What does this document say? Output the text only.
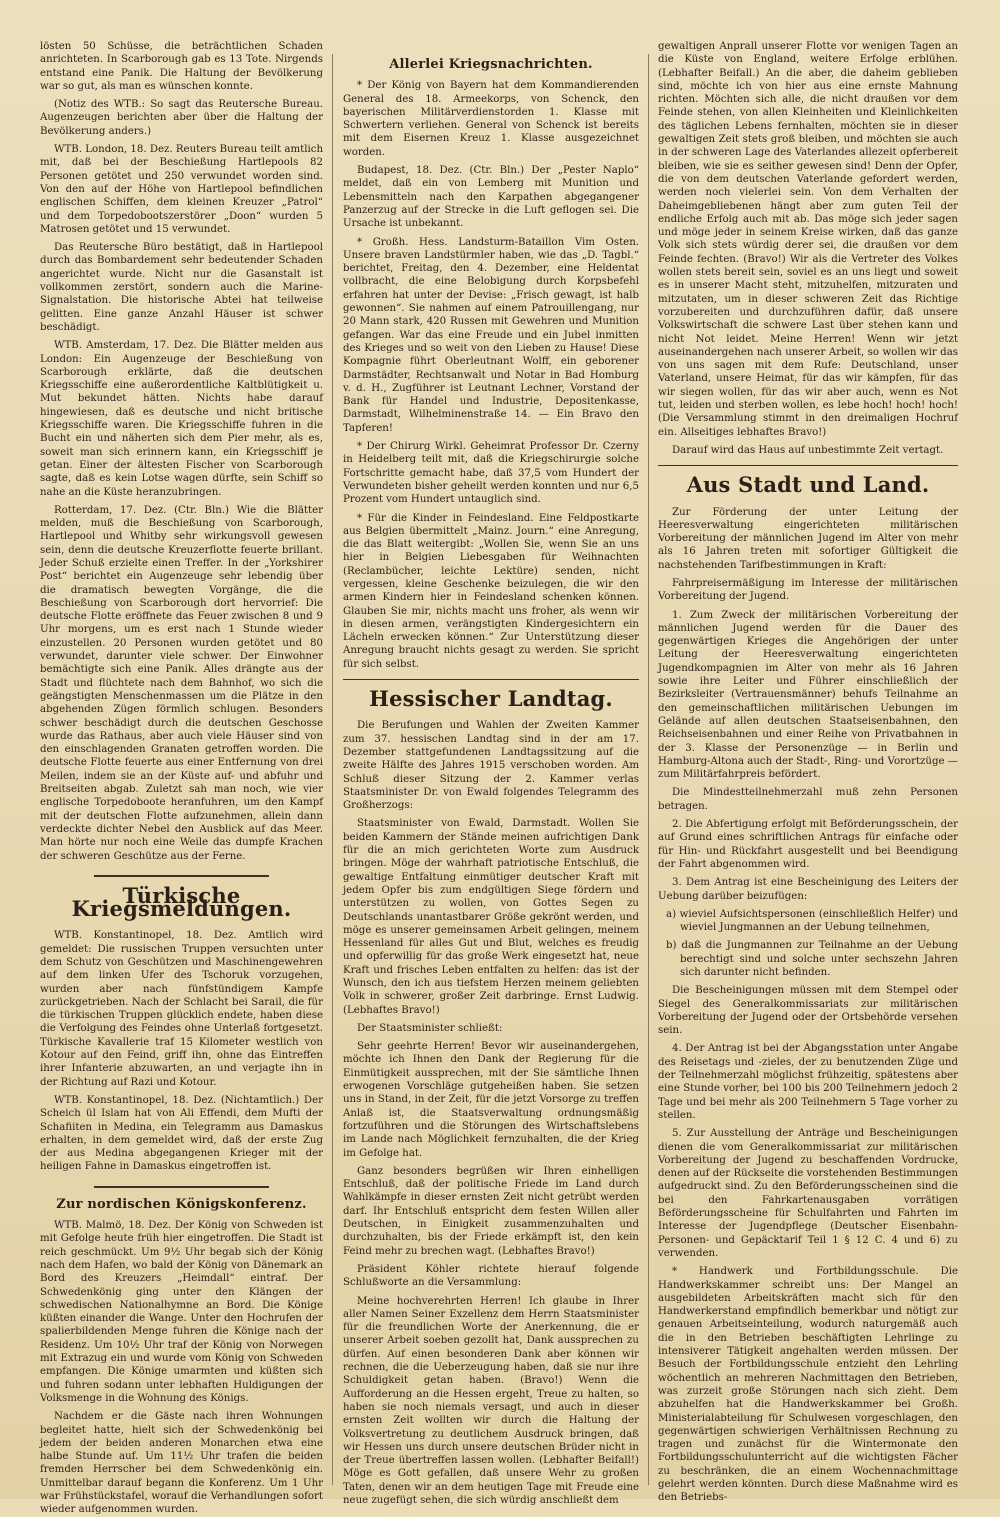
lösten 50 Schüsse, die beträchtlichen Schaden anrichteten. In Scarborough gab es 13 Tote. Nirgends entstand eine Panik. Die Haltung der Bevölkerung war so gut, als man es wünschen konnte.

(Notiz des WTB.: So sagt das Reutersche Bureau. Augenzeugen berichten aber über die Haltung der Bevölkerung anders.)

WTB. London, 18. Dez. Reuters Bureau teilt amtlich mit, daß bei der Beschießung Hartlepools 82 Personen getötet und 250 verwundet worden sind. Von den auf der Höhe von Hartlepool befindlichen englischen Schiffen, dem kleinen Kreuzer „Patrol“ und dem Torpedobootszerstörer „Doon“ wurden 5 Matrosen getötet und 15 verwundet.

Das Reutersche Büro bestätigt, daß in Hartlepool durch das Bombardement sehr bedeutender Schaden angerichtet wurde. Nicht nur die Gasanstalt ist vollkommen zerstört, sondern auch die Marine-Signalstation. Die historische Abtei hat teilweise gelitten. Eine ganze Anzahl Häuser ist schwer beschädigt.

WTB. Amsterdam, 17. Dez. Die Blätter melden aus London: Ein Augenzeuge der Beschießung von Scarborough erklärte, daß die deutschen Kriegsschiffe eine außerordentliche Kaltblütigkeit u. Mut bekundet hätten. Nichts habe darauf hingewiesen, daß es deutsche und nicht britische Kriegsschiffe waren. Die Kriegsschiffe fuhren in die Bucht ein und näherten sich dem Pier mehr, als es, soweit man sich erinnern kann, ein Kriegsschiff je getan. Einer der ältesten Fischer von Scarborough sagte, daß es kein Lotse wagen dürfte, sein Schiff so nahe an die Küste heranzubringen.

Rotterdam, 17. Dez. (Ctr. Bln.) Wie die Blätter melden, muß die Beschießung von Scarborough, Hartlepool und Whitby sehr wirkungsvoll gewesen sein, denn die deutsche Kreuzerflotte feuerte brillant. Jeder Schuß erzielte einen Treffer. In der „Yorkshirer Post“ berichtet ein Augenzeuge sehr lebendig über die dramatisch bewegten Vorgänge, die die Beschießung von Scarborough dort hervorrief: Die deutsche Flotte eröffnete das Feuer zwischen 8 und 9 Uhr morgens, um es erst nach 1 Stunde wieder einzustellen. 20 Personen wurden getötet und 80 verwundet, darunter viele schwer. Der Einwohner bemächtigte sich eine Panik. Alles drängte aus der Stadt und flüchtete nach dem Bahnhof, wo sich die geängstigten Menschenmassen um die Plätze in den abgehenden Zügen förmlich schlugen. Besonders schwer beschädigt durch die deutschen Geschosse wurde das Rathaus, aber auch viele Häuser sind von den einschlagenden Granaten getroffen worden. Die deutsche Flotte feuerte aus einer Entfernung von drei Meilen, indem sie an der Küste auf- und abfuhr und Breitseiten abgab. Zuletzt sah man noch, wie vier englische Torpedoboote heranfuhren, um den Kampf mit der deutschen Flotte aufzunehmen, allein dann verdeckte dichter Nebel den Ausblick auf das Meer. Man hörte nur noch eine Weile das dumpfe Krachen der schweren Geschütze aus der Ferne.

Türkische Kriegsmeldungen.

WTB. Konstantinopel, 18. Dez. Amtlich wird gemeldet: Die russischen Truppen versuchten unter dem Schutz von Geschützen und Maschinengewehren auf dem linken Ufer des Tschoruk vorzugehen, wurden aber nach fünfstündigem Kampfe zurückgetrieben. Nach der Schlacht bei Sarail, die für die türkischen Truppen glücklich endete, haben diese die Verfolgung des Feindes ohne Unterlaß fortgesetzt. Türkische Kavallerie traf 15 Kilometer westlich von Kotour auf den Feind, griff ihn, ohne das Eintreffen ihrer Infanterie abzuwarten, an und verjagte ihn in der Richtung auf Razi und Kotour.

WTB. Konstantinopel, 18. Dez. (Nichtamtlich.) Der Scheich ül Islam hat von Ali Effendi, dem Mufti der Schafiiten in Medina, ein Telegramm aus Damaskus erhalten, in dem gemeldet wird, daß der erste Zug der aus Medina abgegangenen Krieger mit der heiligen Fahne in Damaskus eingetroffen ist.

Zur nordischen Königskonferenz.

WTB. Malmö, 18. Dez. Der König von Schweden ist mit Gefolge heute früh hier eingetroffen. Die Stadt ist reich geschmückt. Um 9½ Uhr begab sich der König nach dem Hafen, wo bald der König von Dänemark an Bord des Kreuzers „Heimdall“ eintraf. Der Schwedenkönig ging unter den Klängen der schwedischen Nationalhymne an Bord. Die Könige küßten einander die Wange. Unter den Hochrufen der spalierbildenden Menge fuhren die Könige nach der Residenz. Um 10½ Uhr traf der König von Norwegen mit Extrazug ein und wurde vom König von Schweden empfangen. Die Könige umarmten und küßten sich und fuhren sodann unter lebhaften Huldigungen der Volksmenge in die Wohnung des Königs.

Nachdem er die Gäste nach ihren Wohnungen begleitet hatte, hielt sich der Schwedenkönig bei jedem der beiden anderen Monarchen etwa eine halbe Stunde auf. Um 11½ Uhr trafen die beiden fremden Herrscher bei dem Schwedenkönig ein. Unmittelbar darauf begann die Konferenz. Um 1 Uhr war Frühstückstafel, worauf die Verhandlungen sofort wieder aufgenommen wurden.

Allerlei Kriegsnachrichten.

* Der König von Bayern hat dem Kommandierenden General des 18. Armeekorps, von Schenck, den bayerischen Militärverdienstorden 1. Klasse mit Schwertern verliehen. General von Schenck ist bereits mit dem Eisernen Kreuz 1. Klasse ausgezeichnet worden.

Budapest, 18. Dez. (Ctr. Bln.) Der „Pester Naplo“ meldet, daß ein von Lemberg mit Munition und Lebensmitteln nach den Karpathen abgegangener Panzerzug auf der Strecke in die Luft geflogen sei. Die Ursache ist unbekannt.

* Großh. Hess. Landsturm-Bataillon Vim Osten. Unsere braven Landstürmler haben, wie das „D. Tagbl.“ berichtet, Freitag, den 4. Dezember, eine Heldentat vollbracht, die eine Belobigung durch Korpsbefehl erfahren hat unter der Devise: „Frisch gewagt, ist halb gewonnen“. Sie nahmen auf einem Patrouillengang, nur 20 Mann stark, 420 Russen mit Gewehren und Munition gefangen. War das eine Freude und ein Jubel inmitten des Krieges und so weit von den Lieben zu Hause! Diese Kompagnie führt Oberleutnant Wolff, ein geborener Darmstädter, Rechtsanwalt und Notar in Bad Homburg v. d. H., Zugführer ist Leutnant Lechner, Vorstand der Bank für Handel und Industrie, Depositenkasse, Darmstadt, Wilhelminenstraße 14. — Ein Bravo den Tapferen!

* Der Chirurg Wirkl. Geheimrat Professor Dr. Czerny in Heidelberg teilt mit, daß die Kriegschirurgie solche Fortschritte gemacht habe, daß 37,5 vom Hundert der Verwundeten bisher geheilt werden konnten und nur 6,5 Prozent vom Hundert untauglich sind.

* Für die Kinder in Feindesland. Eine Feldpostkarte aus Belgien übermittelt „Mainz. Journ.“ eine Anregung, die das Blatt weitergibt: „Wollen Sie, wenn Sie an uns hier in Belgien Liebesgaben für Weihnachten (Reclambücher, leichte Lektüre) senden, nicht vergessen, kleine Geschenke beizulegen, die wir den armen Kindern hier in Feindesland schenken können. Glauben Sie mir, nichts macht uns froher, als wenn wir in diesen armen, verängstigten Kindergesichtern ein Lächeln erwecken können.“ Zur Unterstützung dieser Anregung braucht nichts gesagt zu werden. Sie spricht für sich selbst.

Hessischer Landtag.

Die Berufungen und Wahlen der Zweiten Kammer zum 37. hessischen Landtag sind in der am 17. Dezember stattgefundenen Landtagssitzung auf die zweite Hälfte des Jahres 1915 verschoben worden. Am Schluß dieser Sitzung der 2. Kammer verlas Staatsminister Dr. von Ewald folgendes Telegramm des Großherzogs:

Staatsminister von Ewald, Darmstadt. Wollen Sie beiden Kammern der Stände meinen aufrichtigen Dank für die an mich gerichteten Worte zum Ausdruck bringen. Möge der wahrhaft patriotische Entschluß, die gewaltige Entfaltung einmütiger deutscher Kraft mit jedem Opfer bis zum endgültigen Siege fördern und unterstützen zu wollen, von Gottes Segen zu Deutschlands unantastbarer Größe gekrönt werden, und möge es unserer gemeinsamen Arbeit gelingen, meinem Hessenland für alles Gut und Blut, welches es freudig und opferwillig für das große Werk eingesetzt hat, neue Kraft und frisches Leben entfalten zu helfen: das ist der Wunsch, den ich aus tiefstem Herzen meinem geliebten Volk in schwerer, großer Zeit darbringe. Ernst Ludwig. (Lebhaftes Bravo!)

Der Staatsminister schließt:

Sehr geehrte Herren! Bevor wir auseinandergehen, möchte ich Ihnen den Dank der Regierung für die Einmütigkeit aussprechen, mit der Sie sämtliche Ihnen erwogenen Vorschläge gutgeheißen haben. Sie setzen uns in Stand, in der Zeit, für die jetzt Vorsorge zu treffen Anlaß ist, die Staatsverwaltung ordnungsmäßig fortzuführen und die Störungen des Wirtschaftslebens im Lande nach Möglichkeit fernzuhalten, die der Krieg im Gefolge hat.

Ganz besonders begrüßen wir Ihren einhelligen Entschluß, daß der politische Friede im Land durch Wahlkämpfe in dieser ernsten Zeit nicht getrübt werden darf. Ihr Entschluß entspricht dem festen Willen aller Deutschen, in Einigkeit zusammenzuhalten und durchzuhalten, bis der Friede erkämpft ist, den kein Feind mehr zu brechen wagt. (Lebhaftes Bravo!)

Präsident Köhler richtete hierauf folgende Schlußworte an die Versammlung:

Meine hochverehrten Herren! Ich glaube in Ihrer aller Namen Seiner Exzellenz dem Herrn Staatsminister für die freundlichen Worte der Anerkennung, die er unserer Arbeit soeben gezollt hat, Dank aussprechen zu dürfen. Auf einen besonderen Dank aber können wir rechnen, die die Ueberzeugung haben, daß sie nur ihre Schuldigkeit getan haben. (Bravo!) Wenn die Aufforderung an die Hessen ergeht, Treue zu halten, so haben sie noch niemals versagt, und auch in dieser ernsten Zeit wollten wir durch die Haltung der Volksvertretung zu deutlichem Ausdruck bringen, daß wir Hessen uns durch unsere deutschen Brüder nicht in der Treue übertreffen lassen wollen. (Lebhafter Beifall!) Möge es Gott gefallen, daß unsere Wehr zu großen Taten, denen wir an dem heutigen Tage mit Freude eine neue zugefügt sehen, die sich würdig anschließt dem

gewaltigen Anprall unserer Flotte vor wenigen Tagen an die Küste von England, weitere Erfolge erblühen. (Lebhafter Beifall.) An die aber, die daheim geblieben sind, möchte ich von hier aus eine ernste Mahnung richten. Möchten sich alle, die nicht draußen vor dem Feinde stehen, von allen Kleinheiten und Kleinlichkeiten des täglichen Lebens fernhalten, möchten sie in dieser gewaltigen Zeit stets groß bleiben, und möchten sie auch in der schweren Lage des Vaterlandes allezeit opferbereit bleiben, wie sie es seither gewesen sind! Denn der Opfer, die von dem deutschen Vaterlande gefordert werden, werden noch vielerlei sein. Von dem Verhalten der Daheimgebliebenen hängt aber zum guten Teil der endliche Erfolg auch mit ab. Das möge sich jeder sagen und möge jeder in seinem Kreise wirken, daß das ganze Volk sich stets würdig derer sei, die draußen vor dem Feinde fechten. (Bravo!) Wir als die Vertreter des Volkes wollen stets bereit sein, soviel es an uns liegt und soweit es in unserer Macht steht, mitzuhelfen, mitzuraten und mitzutaten, um in dieser schweren Zeit das Richtige vorzubereiten und durchzuführen dafür, daß unsere Volkswirtschaft die schwere Last über stehen kann und nicht Not leidet. Meine Herren! Wenn wir jetzt auseinandergehen nach unserer Arbeit, so wollen wir das von uns sagen mit dem Rufe: Deutschland, unser Vaterland, unsere Heimat, für das wir kämpfen, für das wir siegen wollen, für das wir aber auch, wenn es Not tut, leiden und sterben wollen, es lebe hoch! hoch! hoch! (Die Versammlung stimmt in den dreimaligen Hochruf ein. Allseitiges lebhaftes Bravo!)

Darauf wird das Haus auf unbestimmte Zeit vertagt.

Aus Stadt und Land.

Zur Förderung der unter Leitung der Heeresverwaltung eingerichteten militärischen Vorbereitung der männlichen Jugend im Alter von mehr als 16 Jahren treten mit sofortiger Gültigkeit die nachstehenden Tarifbestimmungen in Kraft:

Fahrpreisermäßigung im Interesse der militärischen Vorbereitung der Jugend.

1. Zum Zweck der militärischen Vorbereitung der männlichen Jugend werden für die Dauer des gegenwärtigen Krieges die Angehörigen der unter Leitung der Heeresverwaltung eingerichteten Jugendkompagnien im Alter von mehr als 16 Jahren sowie ihre Leiter und Führer einschließlich der Bezirksleiter (Vertrauensmänner) behufs Teilnahme an den gemeinschaftlichen militärischen Uebungen im Gelände auf allen deutschen Staatseisenbahnen, den Reichseisenbahnen und einer Reihe von Privatbahnen in der 3. Klasse der Personenzüge — in Berlin und Hamburg-Altona auch der Stadt-, Ring- und Vorortzüge — zum Militärfahrpreis befördert.

Die Mindestteilnehmerzahl muß zehn Personen betragen.

2. Die Abfertigung erfolgt mit Beförderungsschein, der auf Grund eines schriftlichen Antrags für einfache oder für Hin- und Rückfahrt ausgestellt und bei Beendigung der Fahrt abgenommen wird.

3. Dem Antrag ist eine Bescheinigung des Leiters der Uebung darüber beizufügen:

a) wieviel Aufsichtspersonen (einschließlich Helfer) und wieviel Jungmannen an der Uebung teilnehmen,

b) daß die Jungmannen zur Teilnahme an der Uebung berechtigt sind und solche unter sechszehn Jahren sich darunter nicht befinden.

Die Bescheinigungen müssen mit dem Stempel oder Siegel des Generalkommissariats zur militärischen Vorbereitung der Jugend oder der Ortsbehörde versehen sein.

4. Der Antrag ist bei der Abgangsstation unter Angabe des Reisetags und -zieles, der zu benutzenden Züge und der Teilnehmerzahl möglichst frühzeitig, spätestens aber eine Stunde vorher, bei 100 bis 200 Teilnehmern jedoch 2 Tage und bei mehr als 200 Teilnehmern 5 Tage vorher zu stellen.

5. Zur Ausstellung der Anträge und Bescheinigungen dienen die vom Generalkommissariat zur militärischen Vorbereitung der Jugend zu beschaffenden Vordrucke, denen auf der Rückseite die vorstehenden Bestimmungen aufgedruckt sind. Zu den Beförderungsscheinen sind die bei den Fahrkartenausgaben vorrätigen Beförderungsscheine für Schulfahrten und Fahrten im Interesse der Jugendpflege (Deutscher Eisenbahn-Personen- und Gepäcktarif Teil 1 § 12 C. 4 und 6) zu verwenden.

* Handwerk und Fortbildungsschule. Die Handwerkskammer schreibt uns: Der Mangel an ausgebildeten Arbeitskräften macht sich für den Handwerkerstand empfindlich bemerkbar und nötigt zur genauen Arbeitseinteilung, wodurch naturgemäß auch die in den Betrieben beschäftigten Lehrlinge zu intensiverer Tätigkeit angehalten werden müssen. Der Besuch der Fortbildungsschule entzieht den Lehrling wöchentlich an mehreren Nachmittagen den Betrieben, was zurzeit große Störungen nach sich zieht. Dem abzuhelfen hat die Handwerkskammer bei Großh. Ministerialabteilung für Schulwesen vorgeschlagen, den gegenwärtigen schwierigen Verhältnissen Rechnung zu tragen und zunächst für die Wintermonate den Fortbildungsschulunterricht auf die wichtigsten Fächer zu beschränken, die an einem Wochennachmittage gelehrt werden könnten. Durch diese Maßnahme wird es den Betriebs-
